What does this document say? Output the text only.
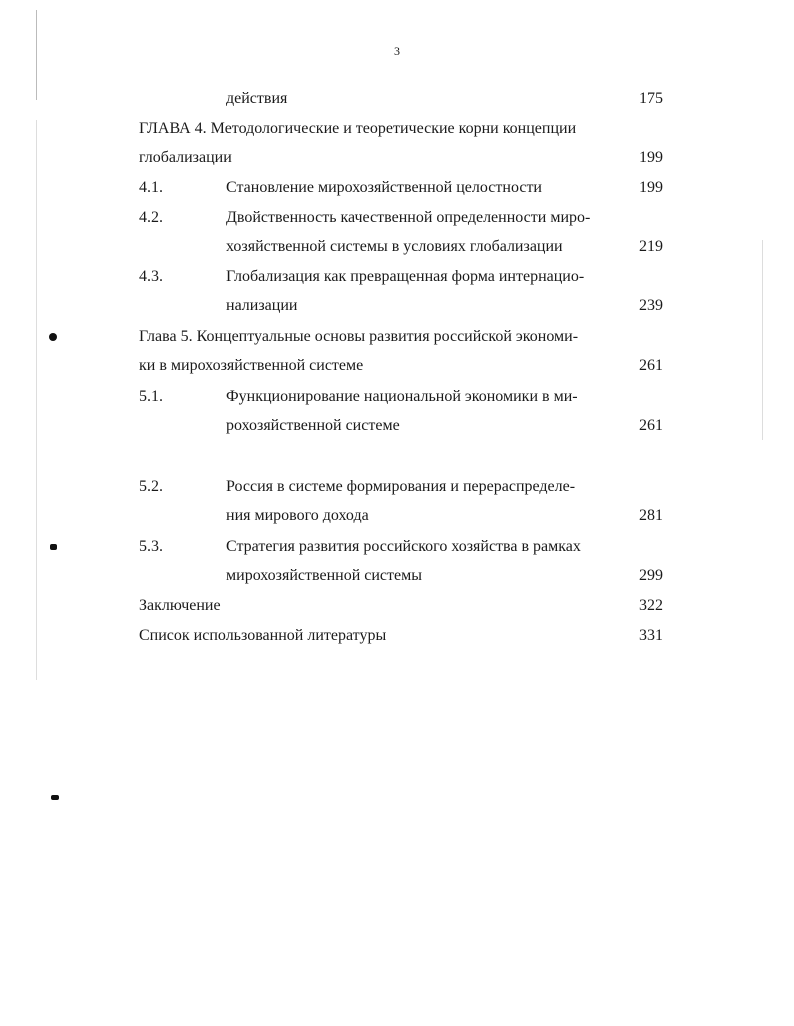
3
действия	175
ГЛАВА 4. Методологические и теоретические корни концепции
глобализации	199
4.1.	Становление мирохозяйственной целостности	199
4.2.	Двойственность качественной определенности миро-
хозяйственной системы в условиях глобализации	219
4.3.	Глобализация как превращенная форма интернацио-
нализации	239
Глава 5. Концептуальные основы развития российской экономи-
ки в мирохозяйственной системе	261
5.1.	Функционирование национальной экономики в ми-
рохозяйственной системе	261
5.2.	Россия в системе формирования и перераспределе-
ния мирового дохода	281
5.3.	Стратегия развития российского хозяйства в рамках
мирохозяйственной системы	299
Заключение	322
Список использованной литературы	331
